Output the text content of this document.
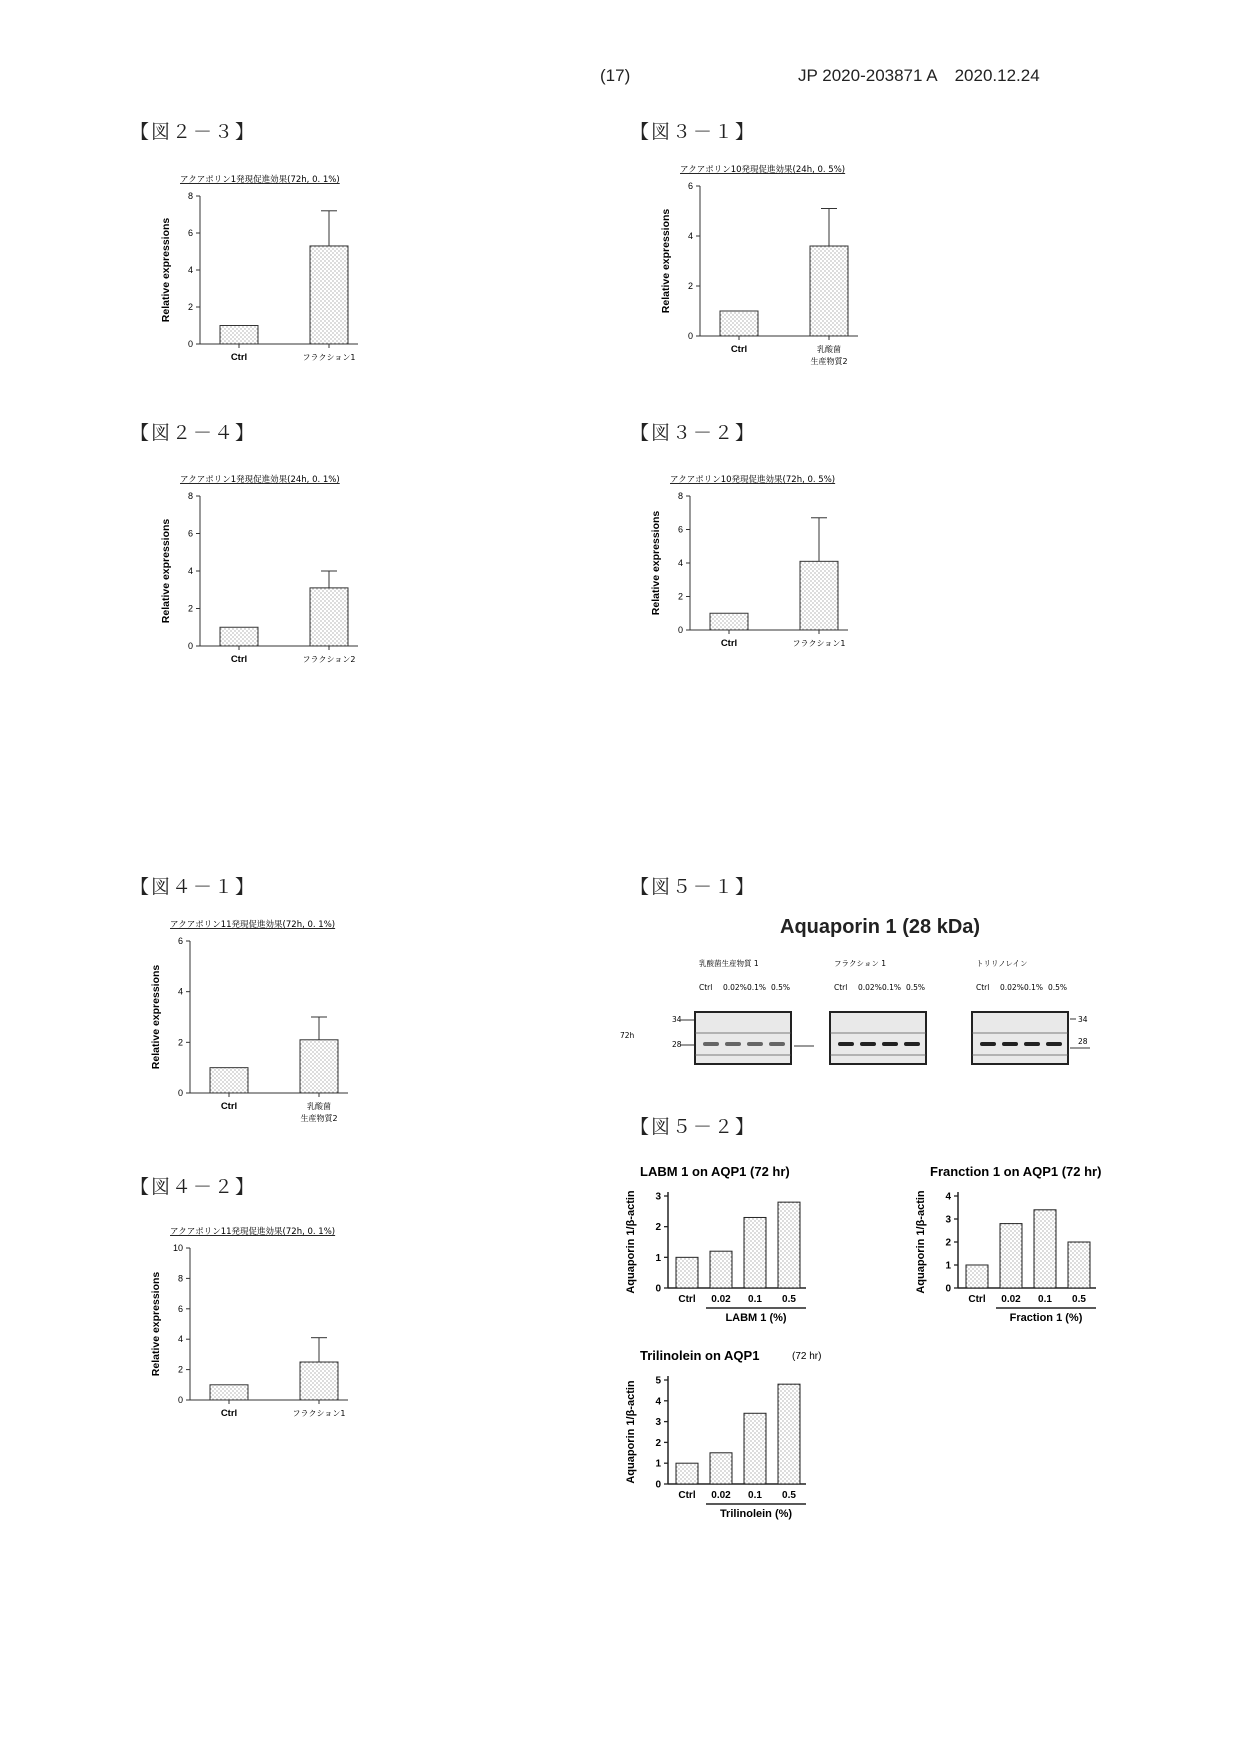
(17)	JP 2020-203871 A 2020.12.24
【図２－３】	【図３－１】
【図２－４】	【図３－２】
【図４－１】	【図５－１】
【図５－２】
【図４－２】
アクアポリン1発現促進効果(72h, 0. 1%)
0
2
4
6
8
Relative expressions
Ctrl	フラクション1
アクアポリン1発現促進効果(24h, 0. 1%)
0
2
4
6
8
Relative expressions
Ctrl	フラクション2
アクアポリン10発現促進効果(24h, 0. 5%)
0
2
4
6
Relative expressions
Ctrl	乳酸菌
生産物質2
アクアポリン10発現促進効果(72h, 0. 5%)
0
2
4
6
8
Relative expressions
Ctrl	フラクション1
アクアポリン11発現促進効果(72h, 0. 1%)
0
2
4
6
Relative expressions
Ctrl	乳酸菌
生産物質2
アクアポリン11発現促進効果(72h, 0. 1%)
0
2
4
6
8
10
Relative expressions
Ctrl	フラクション1
Aquaporin 1 (28 kDa)
72h
乳酸菌生産物質 1
Ctrl 0.02% 0.1% 0.5%
フラクション 1
Ctrl 0.02% 0.1% 0.5%
トリリノレイン
Ctrl 0.02% 0.1% 0.5%
34
28
34
28
LABM 1 on AQP1 (72 hr)
0
1
2
3
Aquaporin 1/β-actin
Ctrl 0.02 0.1 0.5
LABM 1 (%)
Franction 1 on AQP1 (72 hr)
0
1
2
3
4
Aquaporin 1/β-actin
Ctrl 0.02 0.1 0.5
Fraction 1 (%)
Trilinolein on AQP1	(72 hr)
0
1
2
3
4
5
Aquaporin 1/β-actin
Ctrl 0.02 0.1 0.5
Trilinolein (%)
